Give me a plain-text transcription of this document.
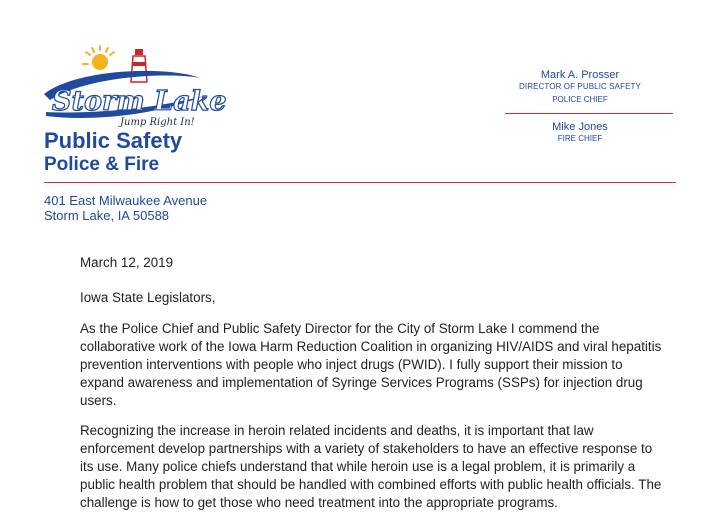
Storm Lake
Jump Right In!
Public Safety
Police & Fire
Mark A. Prosser
DIRECTOR OF PUBLIC SAFETY
POLICE CHIEF
Mike Jones
FIRE CHIEF
401 East Milwaukee Avenue
Storm Lake, IA 50588
March 12, 2019
Iowa State Legislators,
As the Police Chief and Public Safety Director for the City of Storm Lake I commend the collaborative work of the Iowa Harm Reduction Coalition in organizing HIV/AIDS and viral hepatitis prevention interventions with people who inject drugs (PWID). I fully support their mission to expand awareness and implementation of Syringe Services Programs (SSPs) for injection drug users.
Recognizing the increase in heroin related incidents and deaths, it is important that law enforcement develop partnerships with a variety of stakeholders to have an effective response to its use. Many police chiefs understand that while heroin use is a legal problem, it is primarily a public health problem that should be handled with combined efforts with public health officials. The challenge is how to get those who need treatment into the appropriate programs.
